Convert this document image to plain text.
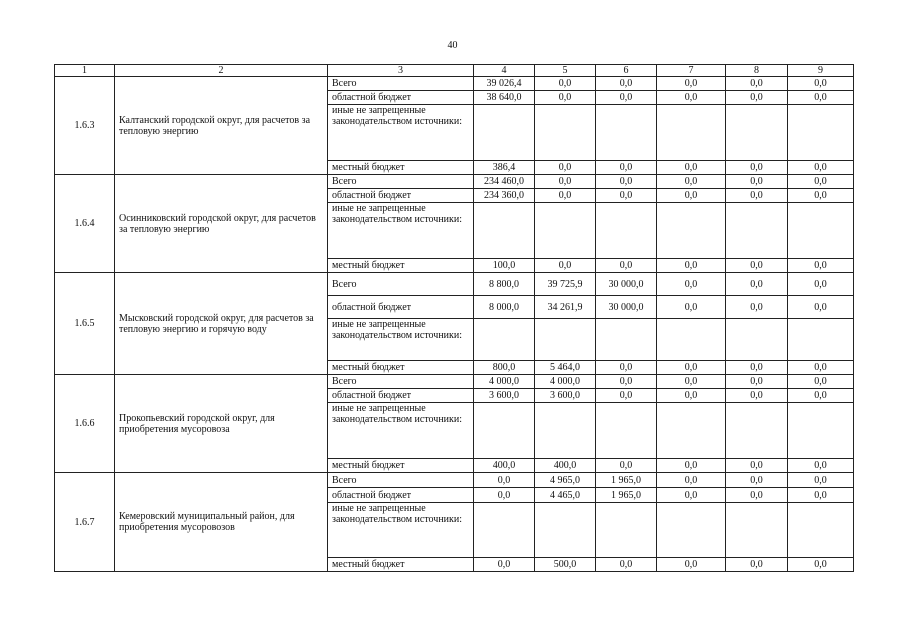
40
1	2	3	4	5	6	7	8	9
1.6.3	Калтанский городской округ, для расчетов за тепловую энергию	Всего	39 026,4	0,0	0,0	0,0	0,0	0,0
		областной бюджет	38 640,0	0,0	0,0	0,0	0,0	0,0
		иные не запрещенные законодательством источники:						
		местный бюджет	386,4	0,0	0,0	0,0	0,0	0,0
1.6.4	Осинниковский городской округ, для расчетов за тепловую энергию	Всего	234 460,0	0,0	0,0	0,0	0,0	0,0
		областной бюджет	234 360,0	0,0	0,0	0,0	0,0	0,0
		иные не запрещенные законодательством источники:						
		местный бюджет	100,0	0,0	0,0	0,0	0,0	0,0
1.6.5	Мысковский городской округ, для расчетов за тепловую энергию и горячую воду	Всего	8 800,0	39 725,9	30 000,0	0,0	0,0	0,0
		областной бюджет	8 000,0	34 261,9	30 000,0	0,0	0,0	0,0
		иные не запрещенные законодательством источники:						
		местный бюджет	800,0	5 464,0	0,0	0,0	0,0	0,0
1.6.6	Прокопьевский городской округ, для приобретения мусоровоза	Всего	4 000,0	4 000,0	0,0	0,0	0,0	0,0
		областной бюджет	3 600,0	3 600,0	0,0	0,0	0,0	0,0
		иные не запрещенные законодательством источники:						
		местный бюджет	400,0	400,0	0,0	0,0	0,0	0,0
1.6.7	Кемеровский муниципальный район, для приобретения мусоровозов	Всего	0,0	4 965,0	1 965,0	0,0	0,0	0,0
		областной бюджет	0,0	4 465,0	1 965,0	0,0	0,0	0,0
		иные не запрещенные законодательством источники:						
		местный бюджет	0,0	500,0	0,0	0,0	0,0	0,0
